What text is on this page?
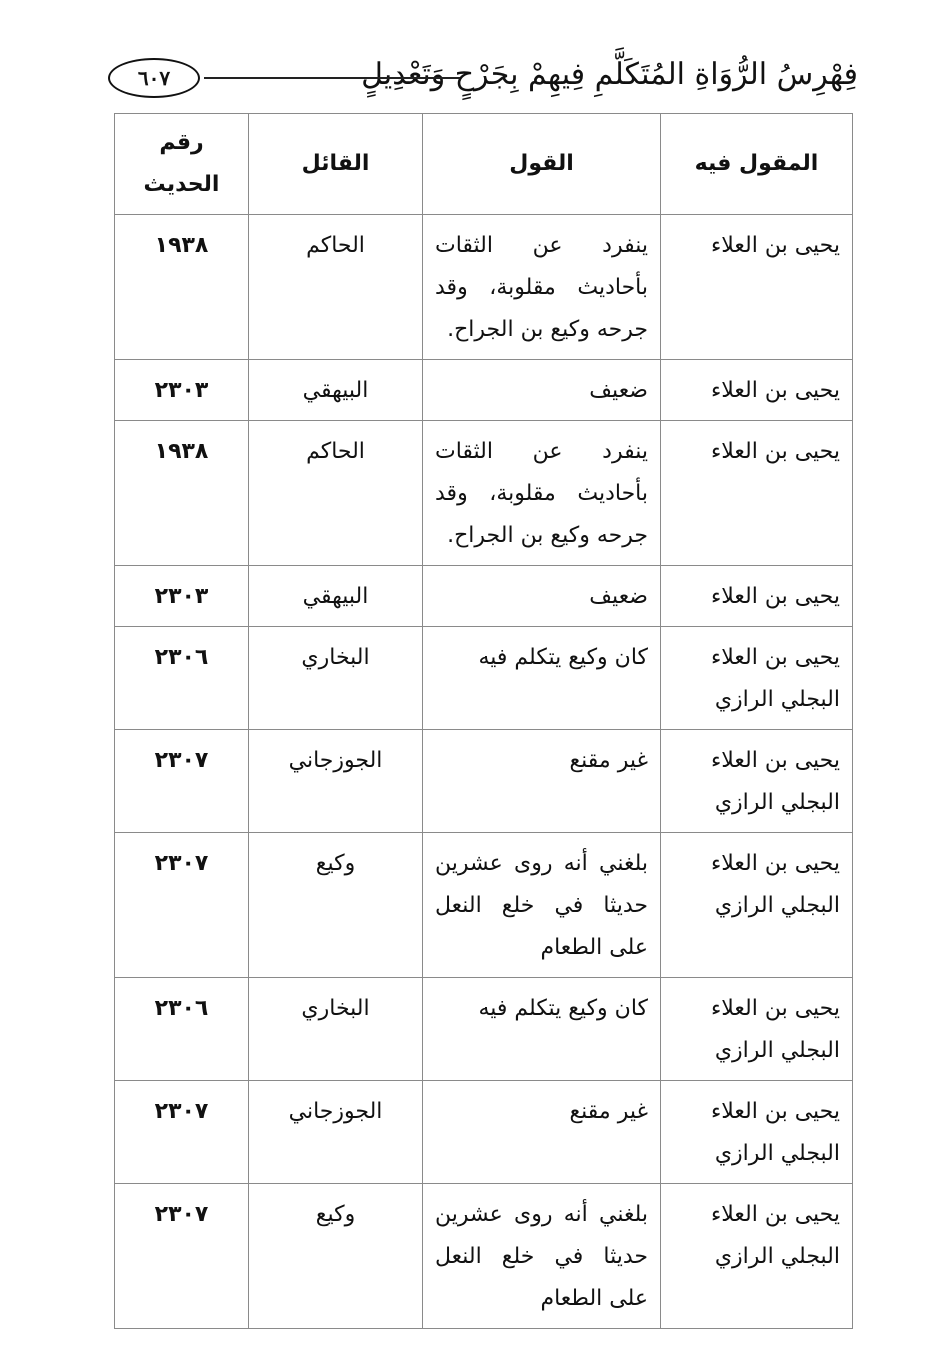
فِهْرِسُ الرُّوَاةِ المُتَكَلَّمِ فِيهِمْ بِجَرْحٍ وَتَعْدِيلٍ
٦٠٧
المقول فيه	القول	القائل	رقم الحديث
يحيى بن العلاء	ينفرد عن الثقات بأحاديث مقلوبة، وقد جرحه وكيع بن الجراح.	الحاكم	١٩٣٨
يحيى بن العلاء	ضعيف	البيهقي	٢٣٠٣
يحيى بن العلاء	ينفرد عن الثقات بأحاديث مقلوبة، وقد جرحه وكيع بن الجراح.	الحاكم	١٩٣٨
يحيى بن العلاء	ضعيف	البيهقي	٢٣٠٣
يحيى بن العلاء البجلي الرازي	كان وكيع يتكلم فيه	البخاري	٢٣٠٦
يحيى بن العلاء البجلي الرازي	غير مقنع	الجوزجاني	٢٣٠٧
يحيى بن العلاء البجلي الرازي	بلغني أنه روى عشرين حديثا في خلع النعل على الطعام	وكيع	٢٣٠٧
يحيى بن العلاء البجلي الرازي	كان وكيع يتكلم فيه	البخاري	٢٣٠٦
يحيى بن العلاء البجلي الرازي	غير مقنع	الجوزجاني	٢٣٠٧
يحيى بن العلاء البجلي الرازي	بلغني أنه روى عشرين حديثا في خلع النعل على الطعام	وكيع	٢٣٠٧
